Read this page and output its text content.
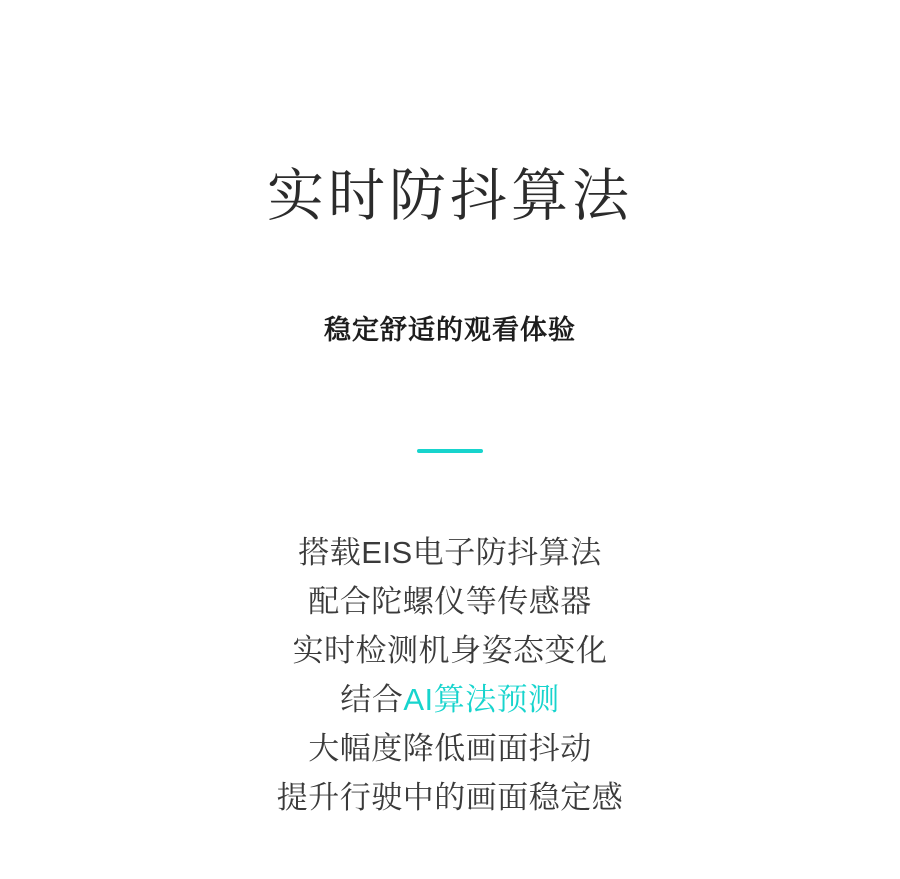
实时防抖算法
稳定舒适的观看体验
搭载EIS电子防抖算法
配合陀螺仪等传感器
实时检测机身姿态变化
结合AI算法预测
大幅度降低画面抖动
提升行驶中的画面稳定感
